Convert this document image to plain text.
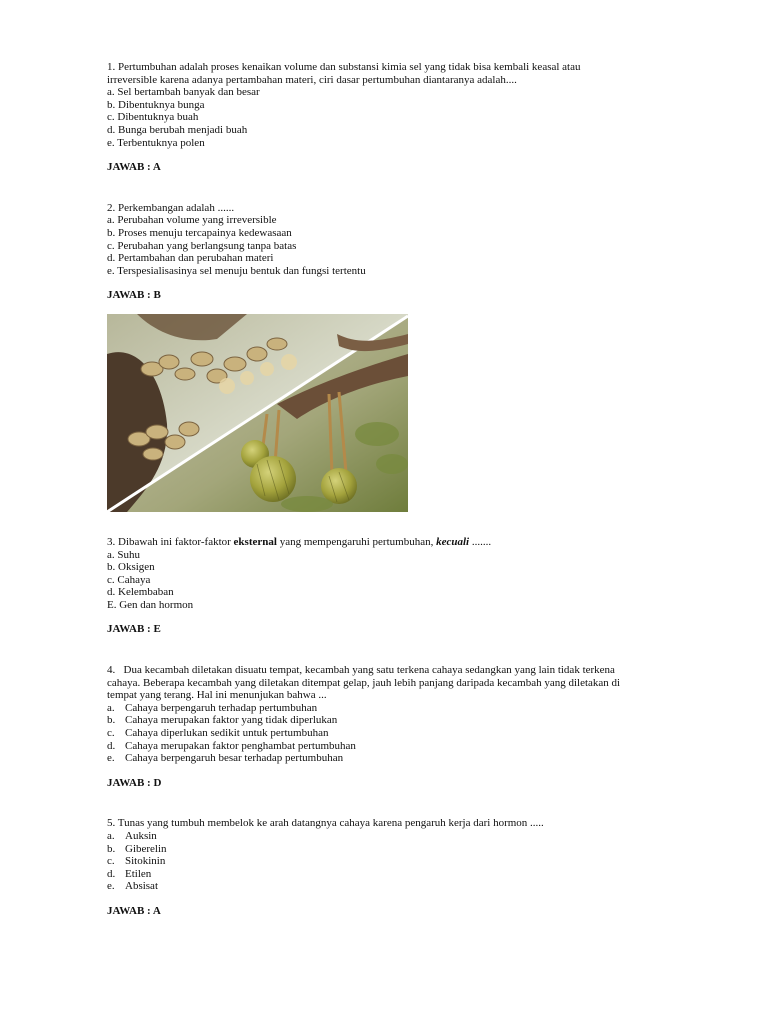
1. Pertumbuhan adalah proses kenaikan volume dan substansi kimia sel yang tidak bisa kembali keasal atau

irreversible karena adanya pertambahan materi, ciri dasar pertumbuhan diantaranya adalah....

a. Sel bertambah banyak dan besar

b. Dibentuknya bunga

c. Dibentuknya buah

d. Bunga berubah menjadi buah

e. Terbentuknya polen

JAWAB : A

2. Perkembangan adalah ......

a. Perubahan volume yang irreversible

b. Proses menuju tercapainya kedewasaan

c. Perubahan yang berlangsung tanpa batas

d. Pertambahan dan perubahan materi

e. Terspesialisasinya sel menuju bentuk dan fungsi tertentu

JAWAB : B

3. Dibawah ini faktor-faktor eksternal yang mempengaruhi pertumbuhan, kecuali .......

a. Suhu

b. Oksigen

c. Cahaya

d. Kelembaban

E. Gen dan hormon

JAWAB : E

4.   Dua kecambah diletakan disuatu tempat, kecambah yang satu terkena cahaya sedangkan yang lain tidak terkena

cahaya. Beberapa kecambah yang diletakan ditempat gelap, jauh lebih panjang daripada kecambah yang diletakan di

tempat yang terang. Hal ini menunjukan bahwa ...

a. Cahaya berpengaruh terhadap pertumbuhan

b. Cahaya merupakan faktor yang tidak diperlukan

c. Cahaya diperlukan sedikit untuk pertumbuhan

d. Cahaya merupakan faktor penghambat pertumbuhan

e. Cahaya berpengaruh besar terhadap pertumbuhan

JAWAB : D

5. Tunas yang tumbuh membelok ke arah datangnya cahaya karena pengaruh kerja dari hormon .....

a. Auksin

b. Giberelin

c. Sitokinin

d. Etilen

e. Absisat

JAWAB : A
